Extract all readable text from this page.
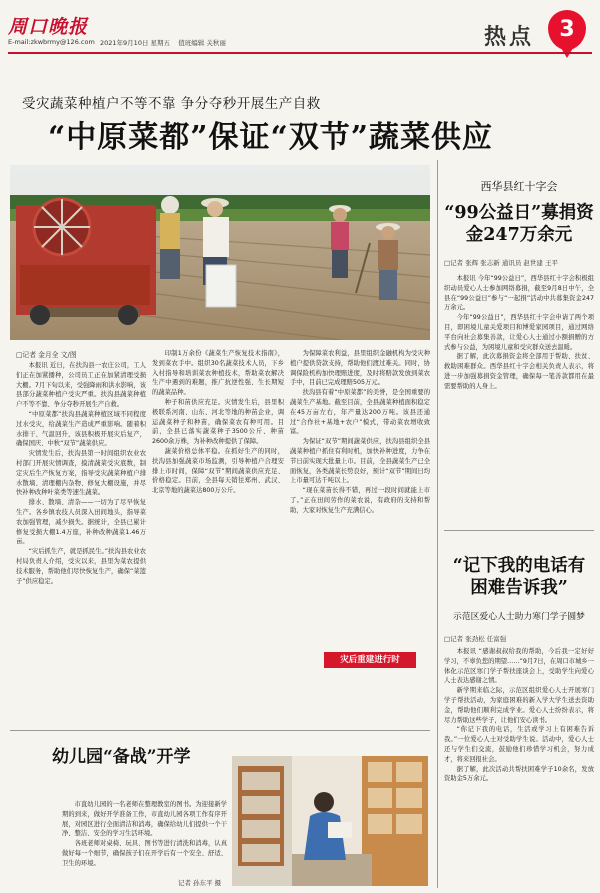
周口晚报
E-mail:zkwbrmy@126.com 2021年9月10日 星期五 值班编辑 关秋丽	热点	3
受灾蔬菜种植户不等不靠 争分夺秒开展生产自救
“中原菜都”保证“双节”蔬菜供应
西华县红十字会
“99公益日”募捐资金247万余元
□记者 张辉 张志新 通讯员 赵世建 王平

本报讯 今年“99公益日”，西华县红十字会积极组织动员爱心人士参加网络募捐，截至9月8日中午，全县在“99公益日”参与“一起捐”活动中共募集资金247万余元。

今年“99公益日”，西华县红十字会申请了两个项目，即困境儿童关爱项目和博爱家园项目，通过网络平台向社会募集善款，让爱心人士通过小额捐赠的方式参与公益，为困境儿童和受灾群众送去温暖。

据了解，此次募捐资金将全部用于帮助、扶贫、救助困难群众。西华县红十字会相关负责人表示，将进一步加强募捐资金管理，确保每一笔善款都用在最需要帮助的人身上。

□记者 金月全 文/图

本报讯 近日，在扶沟县一农庄公司，工人们正在加紧播种，公司员工正在加紧清理受损大棚。7月下旬以来，受强降雨和洪水影响，该县部分蔬菜种植户受灾严重。扶沟县蔬菜种植户不等不靠、争分夺秒开展生产自救。

“中原菜都”扶沟县蔬菜种植区域不同程度过水受灾，给蔬菜生产造成严重影响。随着积水排干、气温回升，该县积极开展灾后复产，确保国庆、中秋“双节”蔬菜供应。

灾情发生后，扶沟县第一时间组织农业农村部门开展灾情调查，摸清蔬菜受灾底数，制定灾后生产恢复方案，指导受灾蔬菜种植户排水散墒、清理棚内杂物、修复大棚设施，并尽快补种改种叶菜类等速生蔬菜。

排水、散墒、清杂——一切为了尽早恢复生产。各乡镇农技人员深入田间地头，指导菜农加强管理，减少损失。据统计，全县已累计修复受损大棚1.4万座，补种改种蔬菜1.46万亩。

“灾后抓生产，就是抓民生。”扶沟县农业农村局负责人介绍，受灾以来，县里为菜农提供技术服务，帮助他们尽快恢复生产，确保“菜篮子”供应稳定。

印制1万余份《蔬菜生产恢复技术指南》，发到菜农手中。组织30名蔬菜技术人员，下乡入村指导和培训菜农种植技术，帮助菜农解决生产中遇到的难题，推广抗逆性强、生长期短的蔬菜品种。

种子和苗供应充足。灾情发生后，县里积极联系河南、山东、河北等地的种苗企业，调运蔬菜种子和种苗，确保菜农有种可用。目前，全县已落实蔬菜种子3500公斤、种苗2600余万株，为补种改种提供了保障。

蔬菜价格总体平稳。在抓好生产的同时，扶沟县加强蔬菜市场监测，引导种植户合理安排上市时间，保障“双节”期间蔬菜供应充足、价格稳定。目前，全县每天销往郑州、武汉、北京等地的蔬菜达800万公斤。

为保障菜农利益，县里组织金融机构为受灾种植户提供贷款支持，帮助他们渡过难关。同时，协调保险机构加快理赔进度，及时将赔款发放到菜农手中，目前已完成理赔505万元。

扶沟县有着“中原菜都”的美誉，是全国重要的蔬菜生产基地。截至目前，全县蔬菜种植面积稳定在45万亩左右，年产量达200万吨。该县还通过“合作社+基地+农户”模式，带动菜农增收致富。

为保证“双节”期间蔬菜供应，扶沟县组织全县蔬菜种植户抓住有利时机，加快补种进度，力争在节日前实现大批量上市。目前，全县蔬菜生产已全面恢复，各类蔬菜长势良好，预计“双节”期间日均上市量可达千吨以上。

“现在菜苗长得不错，再过一段时间就能上市了。”正在田间劳作的菜农说，有政府的支持和帮助，大家对恢复生产充满信心。

灾后重建进行时
幼儿园“备战”开学

市直幼儿园的一名老师在整理教室的图书。为迎接新学期的到来，做好开学准备工作，市直幼儿园各项工作有序开展，对园区进行全面清洁和消毒，确保给幼儿们提供一个干净、整洁、安全的学习生活环境。

各班老师对桌椅、玩具、图书等进行清洗和消毒，认真做好每一个细节，确保孩子们在开学后有一个安全、舒适、卫生的环境。

记者 孙东平 摄
“记下我的电话有困难告诉我”
示范区爱心人士助力寒门学子圆梦
□记者 张劲松 任富强

本报讯 “感谢叔叔给我的帮助，今后我一定好好学习，不辜负您的期望……”9月7日，在周口市城乡一体化示范区寒门学子帮扶座谈会上，受助学生向爱心人士表达感谢之情。

新学期来临之际，示范区组织爱心人士开展寒门学子帮扶活动，为家庭困难的新入学大学生送去资助金，帮助他们顺利完成学业。爱心人士纷纷表示，将尽力帮助这些学子，让他们安心读书。

“你记下我的电话，生活或学习上有困难告诉我。”一位爱心人士对受助学生说。活动中，爱心人士还与学生们交流，鼓励他们珍惜学习机会，努力成才，将来回报社会。

据了解，此次活动共帮扶困难学子10余名，发放资助金5万余元。
